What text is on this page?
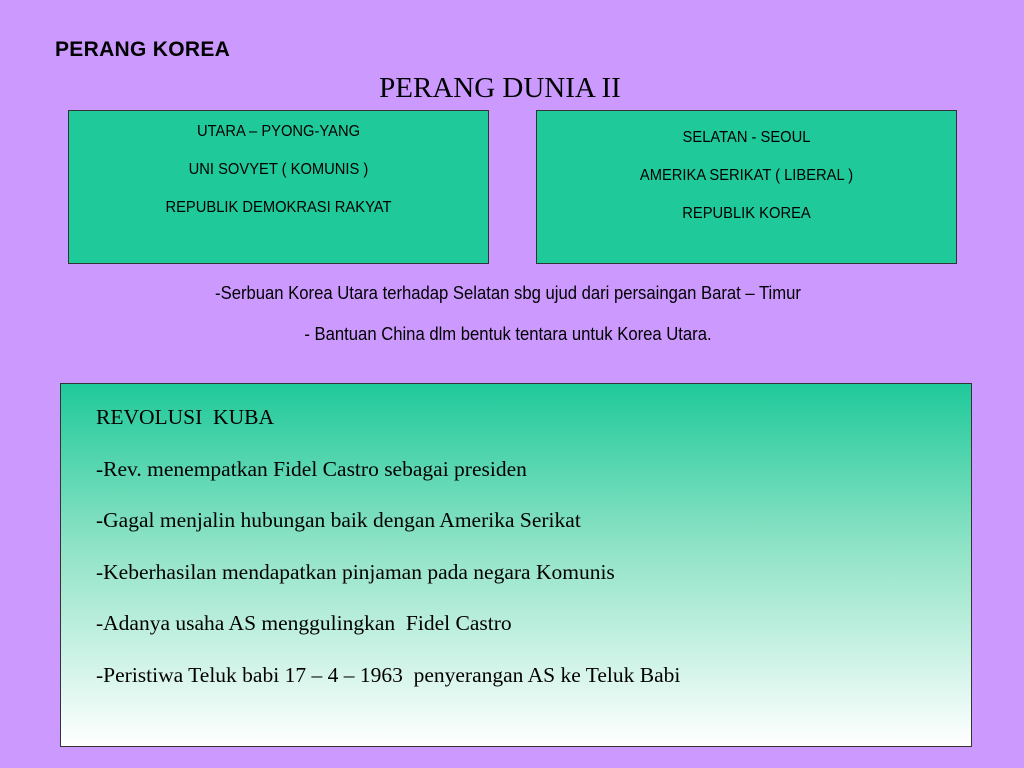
PERANG KOREA
PERANG DUNIA II
UTARA – PYONG-YANG
UNI SOVYET ( KOMUNIS )
REPUBLIK DEMOKRASI RAKYAT
SELATAN - SEOUL
AMERIKA SERIKAT ( LIBERAL )
REPUBLIK KOREA
-Serbuan Korea Utara terhadap Selatan sbg ujud dari persaingan Barat – Timur
- Bantuan China dlm bentuk tentara untuk Korea Utara.
REVOLUSI  KUBA
-Rev. menempatkan Fidel Castro sebagai presiden
-Gagal menjalin hubungan baik dengan Amerika Serikat
-Keberhasilan mendapatkan pinjaman pada negara Komunis
-Adanya usaha AS menggulingkan  Fidel Castro
-Peristiwa Teluk babi 17 – 4 – 1963  penyerangan AS ke Teluk Babi
